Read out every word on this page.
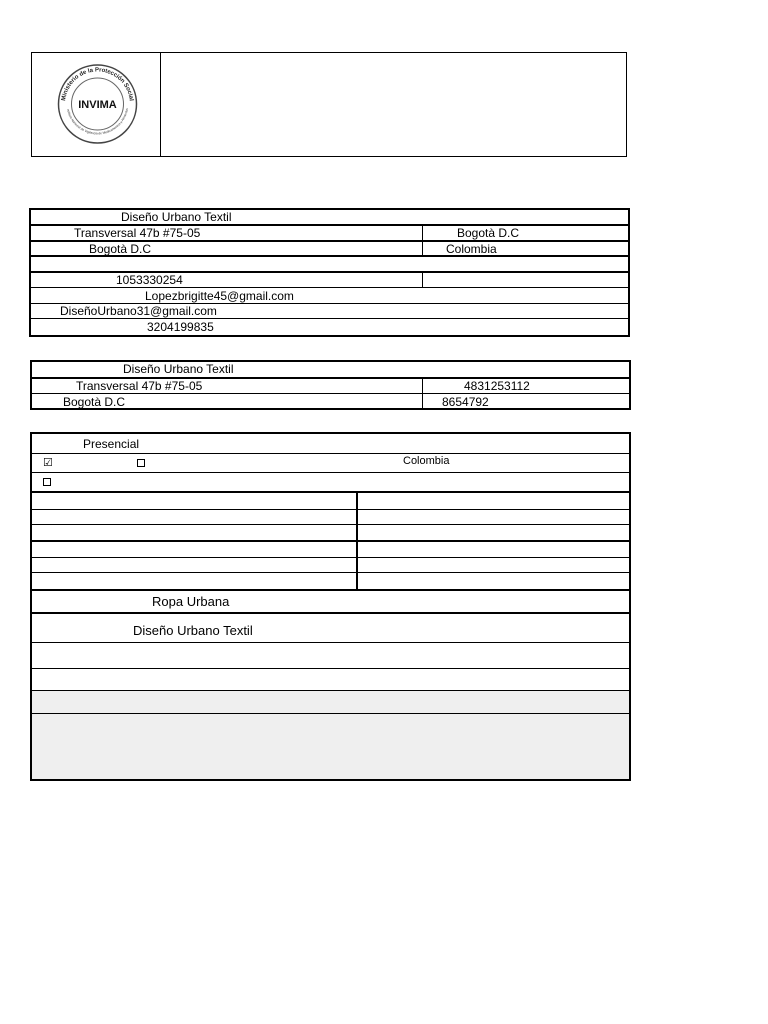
Ministerio de la Protección Social
nstituto Nacional de Vigilancia de Medicamentos y Alimentos
INVIMA
Diseño Urbano Textil
Transversal 47b #75-05	Bogotà D.C
Bogotà D.C	Colombia
1053330254
Lopezbrigitte45@gmail.com
DiseñoUrbano31@gmail.com
3204199835
Diseño Urbano Textil
Transversal 47b #75-05	4831253112
Bogotà D.C	8654792
Presencial
☑	Colombia
Ropa Urbana
Diseño Urbano Textil
